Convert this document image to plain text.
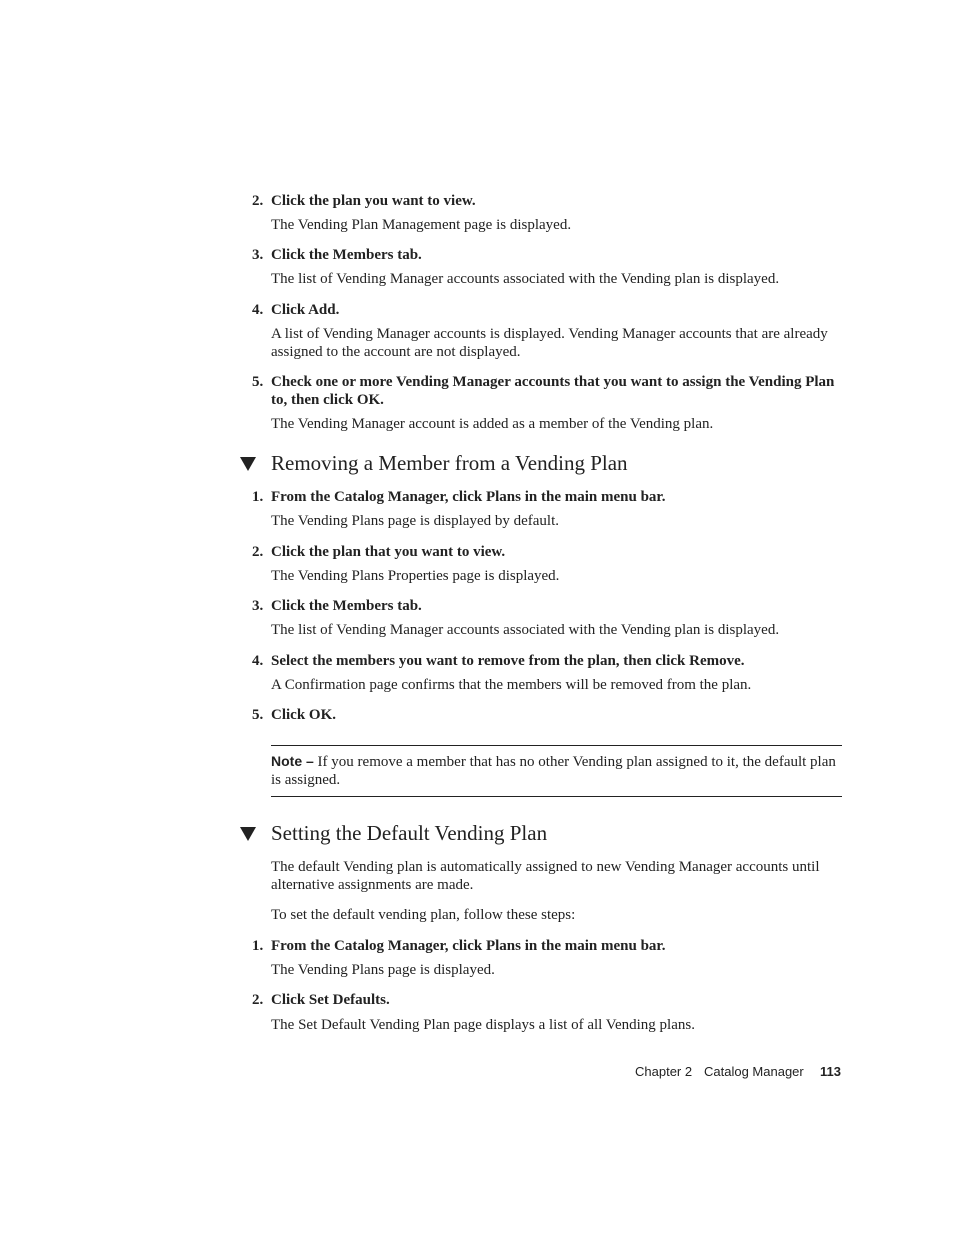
2. Click the plan you want to view.
The Vending Plan Management page is displayed.
3. Click the Members tab.
The list of Vending Manager accounts associated with the Vending plan is displayed.
4. Click Add.
A list of Vending Manager accounts is displayed. Vending Manager accounts that are already assigned to the account are not displayed.
5. Check one or more Vending Manager accounts that you want to assign the Vending Plan to, then click OK.
The Vending Manager account is added as a member of the Vending plan.
Removing a Member from a Vending Plan
1. From the Catalog Manager, click Plans in the main menu bar.
The Vending Plans page is displayed by default.
2. Click the plan that you want to view.
The Vending Plans Properties page is displayed.
3. Click the Members tab.
The list of Vending Manager accounts associated with the Vending plan is displayed.
4. Select the members you want to remove from the plan, then click Remove.
A Confirmation page confirms that the members will be removed from the plan.
5. Click OK.
Note – If you remove a member that has no other Vending plan assigned to it, the default plan is assigned.
Setting the Default Vending Plan
The default Vending plan is automatically assigned to new Vending Manager accounts until alternative assignments are made.
To set the default vending plan, follow these steps:
1. From the Catalog Manager, click Plans in the main menu bar.
The Vending Plans page is displayed.
2. Click Set Defaults.
The Set Default Vending Plan page displays a list of all Vending plans.
Chapter 2 Catalog Manager 113
